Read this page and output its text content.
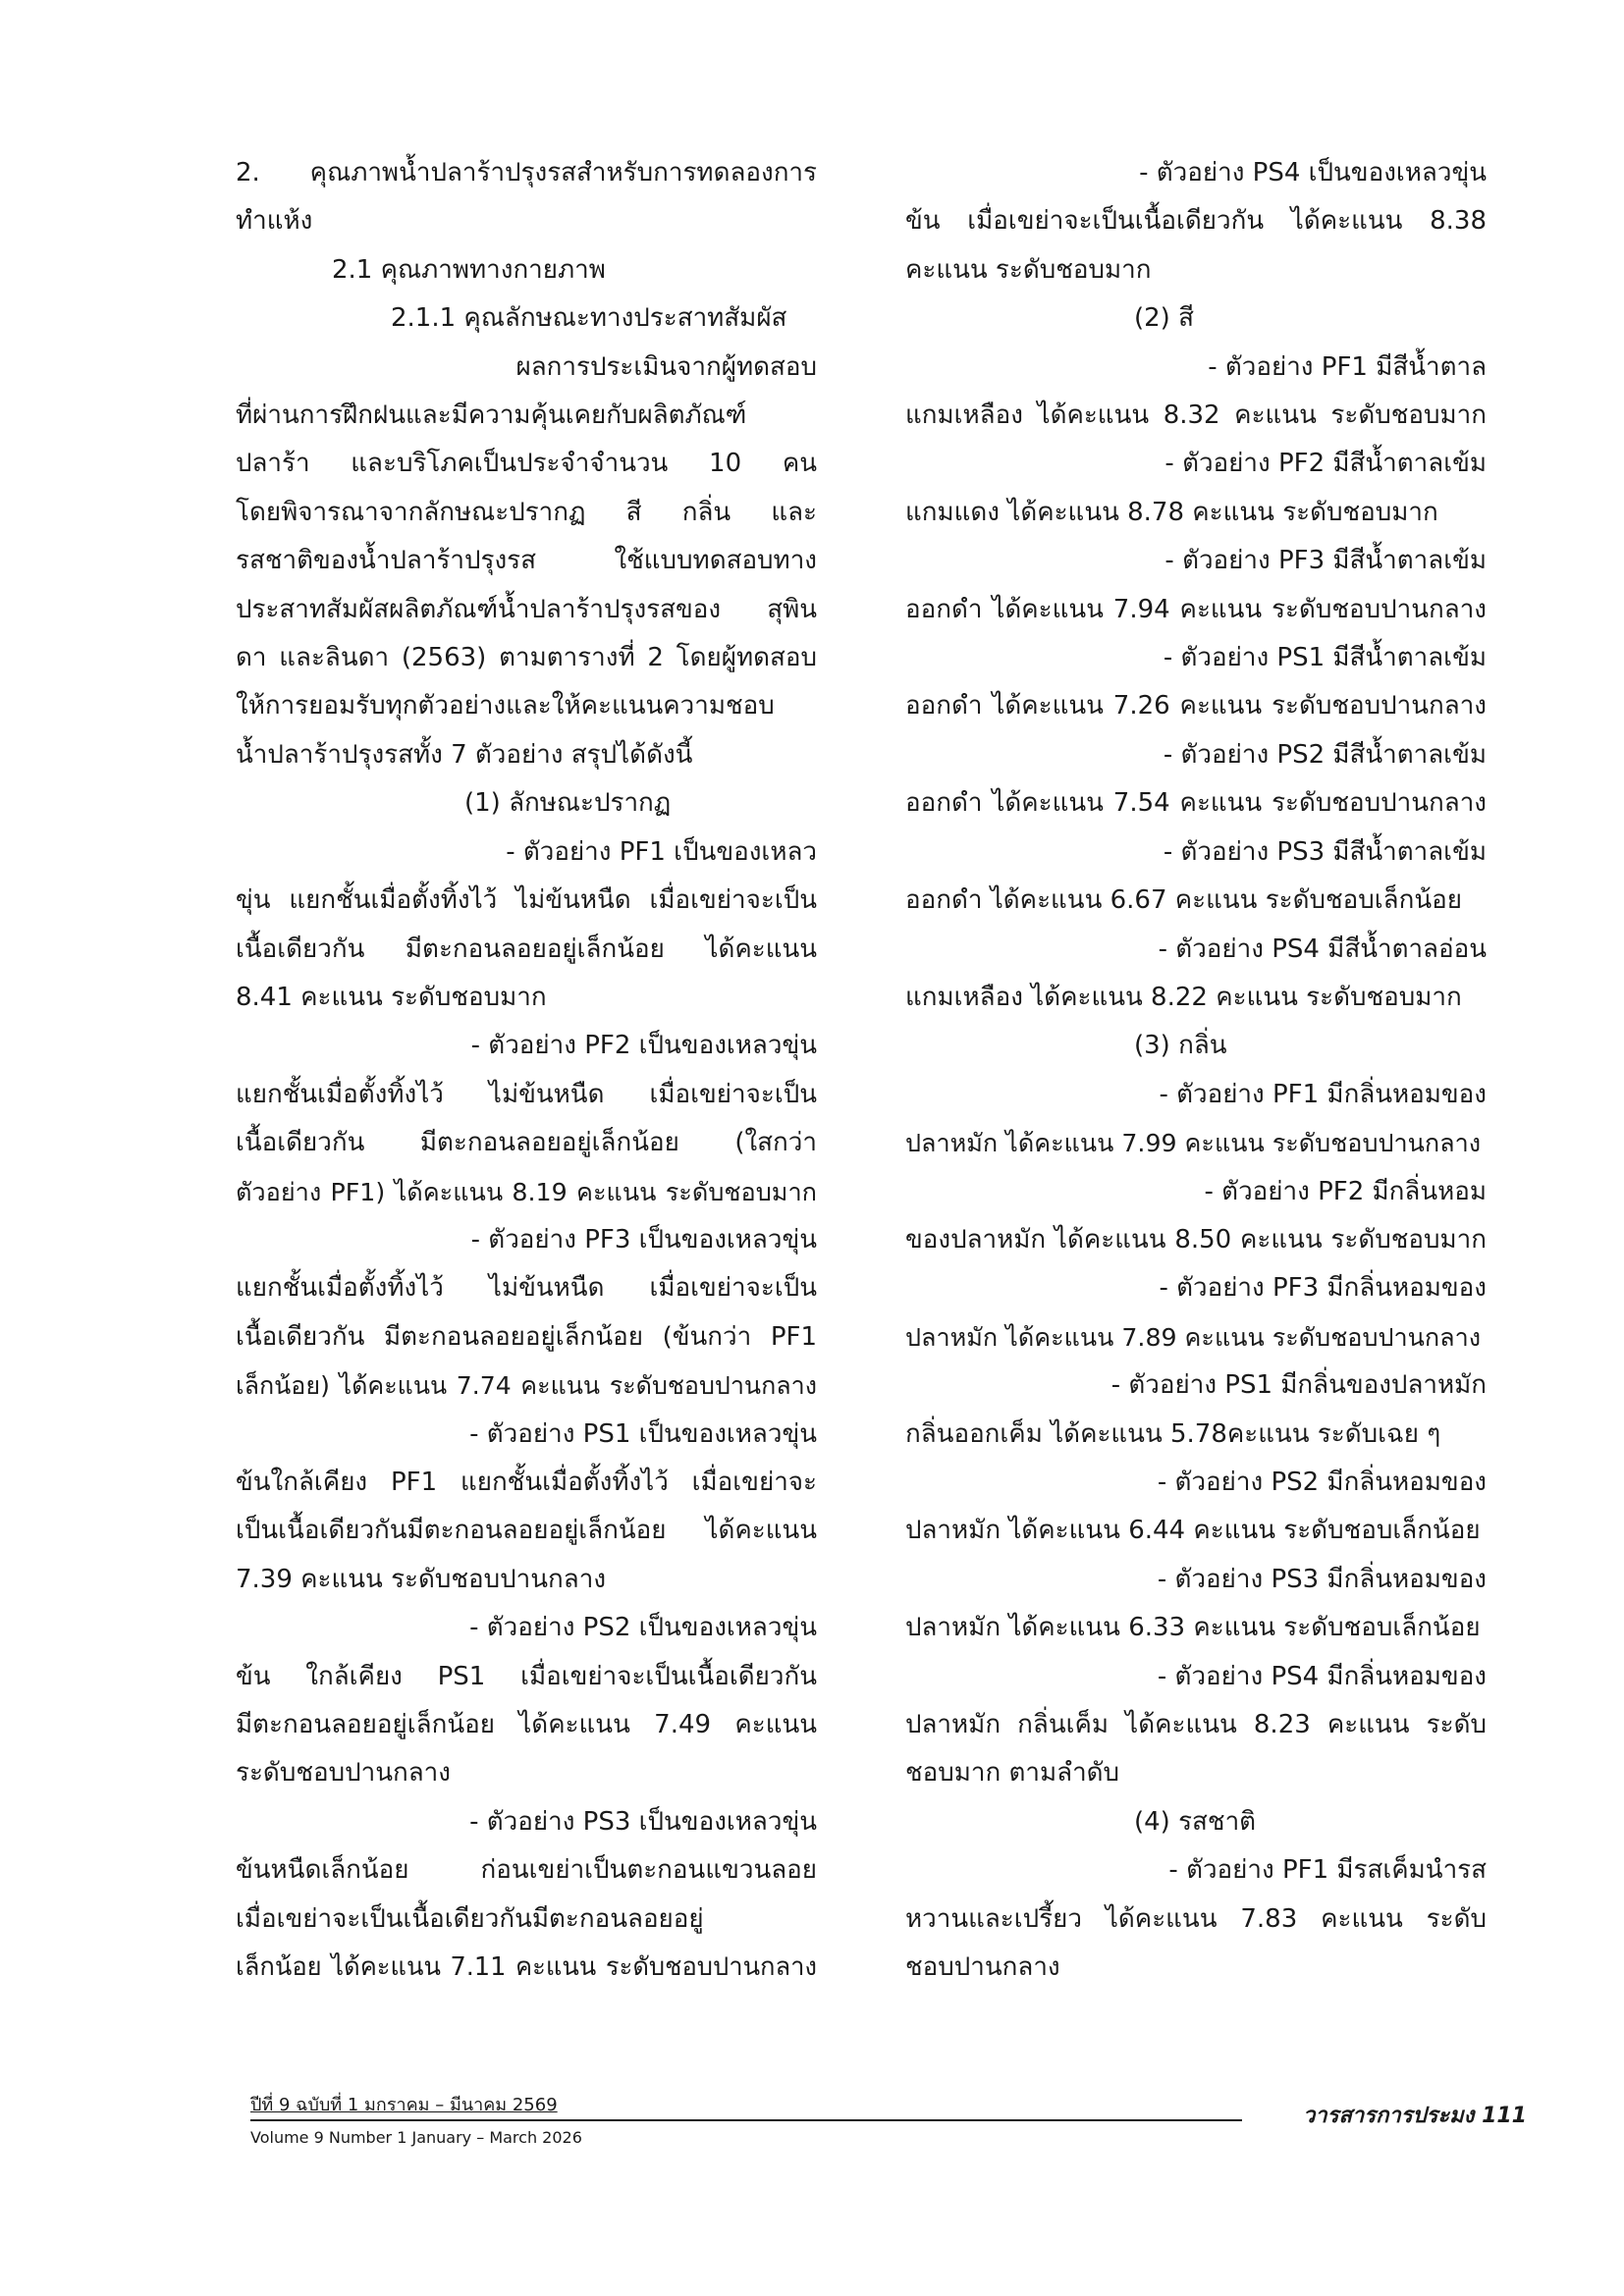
2. คุณภาพน้ำปลาร้าปรุงรสสำหรับการทดลองการ

ทำแห้ง

2.1 คุณภาพทางกายภาพ

2.1.1 คุณลักษณะทางประสาทสัมผัส

ผลการประเมินจากผู้ทดสอบ

ที่ผ่านการฝึกฝนและมีความคุ้นเคยกับผลิตภัณฑ์

ปลาร้า และบริโภคเป็นประจำจำนวน 10 คน

โดยพิจารณาจากลักษณะปรากฏ สี กลิ่น และ

รสชาติของน้ำปลาร้าปรุงรส ใช้แบบทดสอบทาง

ประสาทสัมผัสผลิตภัณฑ์น้ำปลาร้าปรุงรสของ สุพิน

ดา และลินดา (2563) ตามตารางที่ 2 โดยผู้ทดสอบ

ให้การยอมรับทุกตัวอย่างและให้คะแนนความชอบ

น้ำปลาร้าปรุงรสทั้ง 7 ตัวอย่าง สรุปได้ดังนี้

(1) ลักษณะปรากฏ

- ตัวอย่าง PF1 เป็นของเหลว

ขุ่น แยกชั้นเมื่อตั้งทิ้งไว้ ไม่ข้นหนืด เมื่อเขย่าจะเป็น

เนื้อเดียวกัน มีตะกอนลอยอยู่เล็กน้อย ได้คะแนน

8.41 คะแนน ระดับชอบมาก

- ตัวอย่าง PF2 เป็นของเหลวขุ่น

แยกชั้นเมื่อตั้งทิ้งไว้ ไม่ข้นหนืด เมื่อเขย่าจะเป็น

เนื้อเดียวกัน มีตะกอนลอยอยู่เล็กน้อย (ใสกว่า

ตัวอย่าง PF1) ได้คะแนน 8.19 คะแนน ระดับชอบมาก

- ตัวอย่าง PF3 เป็นของเหลวขุ่น

แยกชั้นเมื่อตั้งทิ้งไว้ ไม่ข้นหนืด เมื่อเขย่าจะเป็น

เนื้อเดียวกัน มีตะกอนลอยอยู่เล็กน้อย (ข้นกว่า PF1

เล็กน้อย) ได้คะแนน 7.74 คะแนน ระดับชอบปานกลาง

- ตัวอย่าง PS1 เป็นของเหลวขุ่น

ข้นใกล้เคียง PF1 แยกชั้นเมื่อตั้งทิ้งไว้ เมื่อเขย่าจะ

เป็นเนื้อเดียวกันมีตะกอนลอยอยู่เล็กน้อย ได้คะแนน

7.39 คะแนน ระดับชอบปานกลาง

- ตัวอย่าง PS2 เป็นของเหลวขุ่น

ข้น ใกล้เคียง PS1 เมื่อเขย่าจะเป็นเนื้อเดียวกัน

มีตะกอนลอยอยู่เล็กน้อย ได้คะแนน 7.49 คะแนน

ระดับชอบปานกลาง

- ตัวอย่าง PS3 เป็นของเหลวขุ่น

ข้นหนืดเล็กน้อย ก่อนเขย่าเป็นตะกอนแขวนลอย

เมื่อเขย่าจะเป็นเนื้อเดียวกันมีตะกอนลอยอยู่

เล็กน้อย ได้คะแนน 7.11 คะแนน ระดับชอบปานกลาง

- ตัวอย่าง PS4 เป็นของเหลวขุ่น

ข้น เมื่อเขย่าจะเป็นเนื้อเดียวกัน ได้คะแนน 8.38

คะแนน ระดับชอบมาก

(2) สี

- ตัวอย่าง PF1 มีสีน้ำตาล

แกมเหลือง ได้คะแนน 8.32 คะแนน ระดับชอบมาก

- ตัวอย่าง PF2 มีสีน้ำตาลเข้ม

แกมแดง ได้คะแนน 8.78 คะแนน ระดับชอบมาก

- ตัวอย่าง PF3 มีสีน้ำตาลเข้ม

ออกดำ ได้คะแนน 7.94 คะแนน ระดับชอบปานกลาง

- ตัวอย่าง PS1 มีสีน้ำตาลเข้ม

ออกดำ ได้คะแนน 7.26 คะแนน ระดับชอบปานกลาง

- ตัวอย่าง PS2 มีสีน้ำตาลเข้ม

ออกดำ ได้คะแนน 7.54 คะแนน ระดับชอบปานกลาง

- ตัวอย่าง PS3 มีสีน้ำตาลเข้ม

ออกดำ ได้คะแนน 6.67 คะแนน ระดับชอบเล็กน้อย

- ตัวอย่าง PS4 มีสีน้ำตาลอ่อน

แกมเหลือง ได้คะแนน 8.22 คะแนน ระดับชอบมาก

(3) กลิ่น

- ตัวอย่าง PF1 มีกลิ่นหอมของ

ปลาหมัก ได้คะแนน 7.99 คะแนน ระดับชอบปานกลาง

- ตัวอย่าง PF2 มีกลิ่นหอม

ของปลาหมัก ได้คะแนน 8.50 คะแนน ระดับชอบมาก

- ตัวอย่าง PF3 มีกลิ่นหอมของ

ปลาหมัก ได้คะแนน 7.89 คะแนน ระดับชอบปานกลาง

- ตัวอย่าง PS1 มีกลิ่นของปลาหมัก

กลิ่นออกเค็ม ได้คะแนน 5.78คะแนน ระดับเฉย ๆ

- ตัวอย่าง PS2 มีกลิ่นหอมของ

ปลาหมัก ได้คะแนน 6.44 คะแนน ระดับชอบเล็กน้อย

- ตัวอย่าง PS3 มีกลิ่นหอมของ

ปลาหมัก ได้คะแนน 6.33 คะแนน ระดับชอบเล็กน้อย

- ตัวอย่าง PS4 มีกลิ่นหอมของ

ปลาหมัก กลิ่นเค็ม ได้คะแนน 8.23 คะแนน ระดับ

ชอบมาก ตามลำดับ

(4) รสชาติ

- ตัวอย่าง PF1 มีรสเค็มนำรส

หวานและเปรี้ยว ได้คะแนน 7.83 คะแนน ระดับ

ชอบปานกลาง

ปีที่ 9 ฉบับที่ 1 มกราคม – มีนาคม 2569
Volume 9 Number 1 January – March 2026
วารสารการประมง 111
